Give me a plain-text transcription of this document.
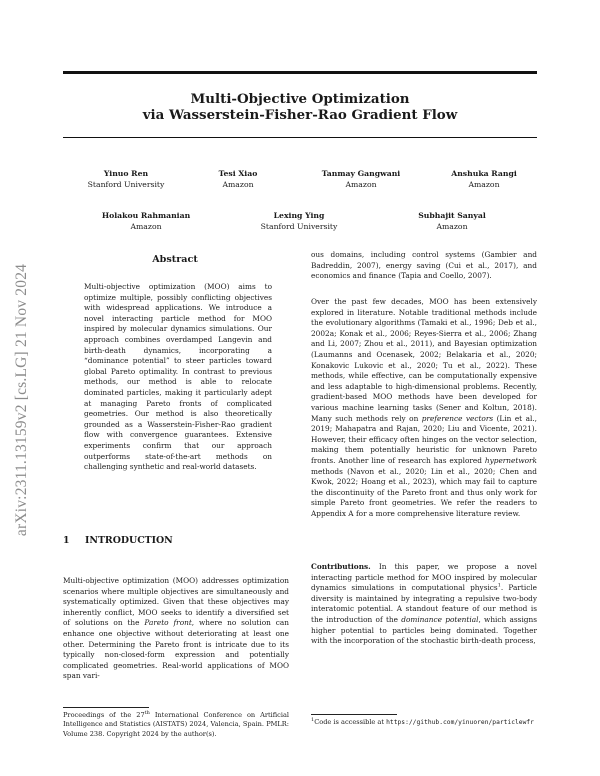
Multi-Objective Optimization
via Wasserstein-Fisher-Rao Gradient Flow
Yinuo Ren
Stanford University
Tesi Xiao
Amazon
Tanmay Gangwani
Amazon
Anshuka Rangi
Amazon
Holakou Rahmanian
Amazon
Lexing Ying
Stanford University
Subhajit Sanyal
Amazon
arXiv:2311.13159v2 [cs.LG] 21 Nov 2024
Abstract

Multi-objective optimization (MOO) aims to optimize multiple, possibly conflicting objectives with widespread applications. We introduce a novel interacting particle method for MOO inspired by molecular dynamics simulations. Our approach combines overdamped Langevin and birth-death dynamics, incorporating a “dominance potential” to steer particles toward global Pareto optimality. In contrast to previous methods, our method is able to relocate dominated particles, making it particularly adept at managing Pareto fronts of complicated geometries. Our method is also theoretically grounded as a Wasserstein-Fisher-Rao gradient flow with convergence guarantees. Extensive experiments confirm that our approach outperforms state-of-the-art methods on challenging synthetic and real-world datasets.

1 INTRODUCTION

Multi-objective optimization (MOO) addresses optimization scenarios where multiple objectives are simultaneously and systematically optimized. Given that these objectives may inherently conflict, MOO seeks to identify a diversified set of solutions on the Pareto front, where no solution can enhance one objective without deteriorating at least one other. Determining the Pareto front is intricate due to its typically non-closed-form expression and potentially complicated geometries. Real-world applications of MOO span vari-

Proceedings of the 27th International Conference on Artificial Intelligence and Statistics (AISTATS) 2024, Valencia, Spain. PMLR: Volume 238. Copyright 2024 by the author(s).

ous domains, including control systems (Gambier and Badreddin, 2007), energy saving (Cui et al., 2017), and economics and finance (Tapia and Coello, 2007).

Over the past few decades, MOO has been extensively explored in literature. Notable traditional methods include the evolutionary algorithms (Tamaki et al., 1996; Deb et al., 2002a; Konak et al., 2006; Reyes-Sierra et al., 2006; Zhang and Li, 2007; Zhou et al., 2011), and Bayesian optimization (Laumanns and Ocenasek, 2002; Belakaria et al., 2020; Konakovic Lukovic et al., 2020; Tu et al., 2022). These methods, while effective, can be computationally expensive and less adaptable to high-dimensional problems. Recently, gradient-based MOO methods have been developed for various machine learning tasks (Sener and Koltun, 2018). Many such methods rely on preference vectors (Lin et al., 2019; Mahapatra and Rajan, 2020; Liu and Vicente, 2021). However, their efficacy often hinges on the vector selection, making them potentially heuristic for unknown Pareto fronts. Another line of research has explored hypernetwork methods (Navon et al., 2020; Lin et al., 2020; Chen and Kwok, 2022; Hoang et al., 2023), which may fail to capture the discontinuity of the Pareto front and thus only work for simple Pareto front geometries. We refer the readers to Appendix A for a more comprehensive literature review.

Contributions. In this paper, we propose a novel interacting particle method for MOO inspired by molecular dynamics simulations in computational physics$^1$. Particle diversity is maintained by integrating a repulsive two-body interatomic potential. A standout feature of our method is the introduction of the dominance potential, which assigns higher potential to particles being dominated. Together with the incorporation of the stochastic birth-death process,

$^1$Code is accessible at https://github.com/yinuoren/particlewfr
